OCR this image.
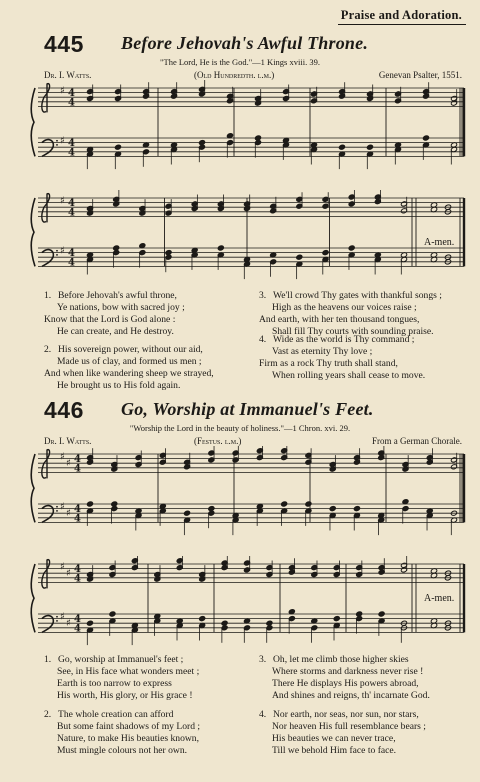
Praise and Adoration.
445 Before Jehovah's Awful Throne.
"The Lord, He is the God."—1 Kings xviii. 39.
Dr. I. Watts.	(Old Hundredth. l.m.)	Genevan Psalter, 1551.
♯ 4
4
♯ 4
4
♯ 4
4
♯ 4
4
A-men.
1. Before Jehovah's awful throne,
Ye nations, bow with sacred joy ;
Know that the Lord is God alone :
He can create, and He destroy.
2. His sovereign power, without our aid,
Made us of clay, and formed us men ;
And when like wandering sheep we strayed,
He brought us to His fold again.
3. We'll crowd Thy gates with thankful songs ;
High as the heavens our voices raise ;
And earth, with her ten thousand tongues,
Shall fill Thy courts with sounding praise.
4. Wide as the world is Thy command ;
Vast as eternity Thy love ;
Firm as a rock Thy truth shall stand,
When rolling years shall cease to move.
446 Go, Worship at Immanuel's Feet.
"Worship the Lord in the beauty of holiness."—1 Chron. xvi. 29.
Dr. I. Watts.	(Festus. l.m.)	From a German Chorale.
♯
♯ 4
4
♯
♯ 4
4
♯
♯ 4
4
♯
♯ 4
4
A-men.
1. Go, worship at Immanuel's feet ;
See, in His face what wonders meet ;
Earth is too narrow to express
His worth, His glory, or His grace !
2. The whole creation can afford
But some faint shadows of my Lord ;
Nature, to make His beauties known,
Must mingle colours not her own.
3. Oh, let me climb those higher skies
Where storms and darkness never rise !
There He displays His powers abroad,
And shines and reigns, th' incarnate God.
4. Nor earth, nor seas, nor sun, nor stars,
Nor heaven His full resemblance bears ;
His beauties we can never trace,
Till we behold Him face to face.
